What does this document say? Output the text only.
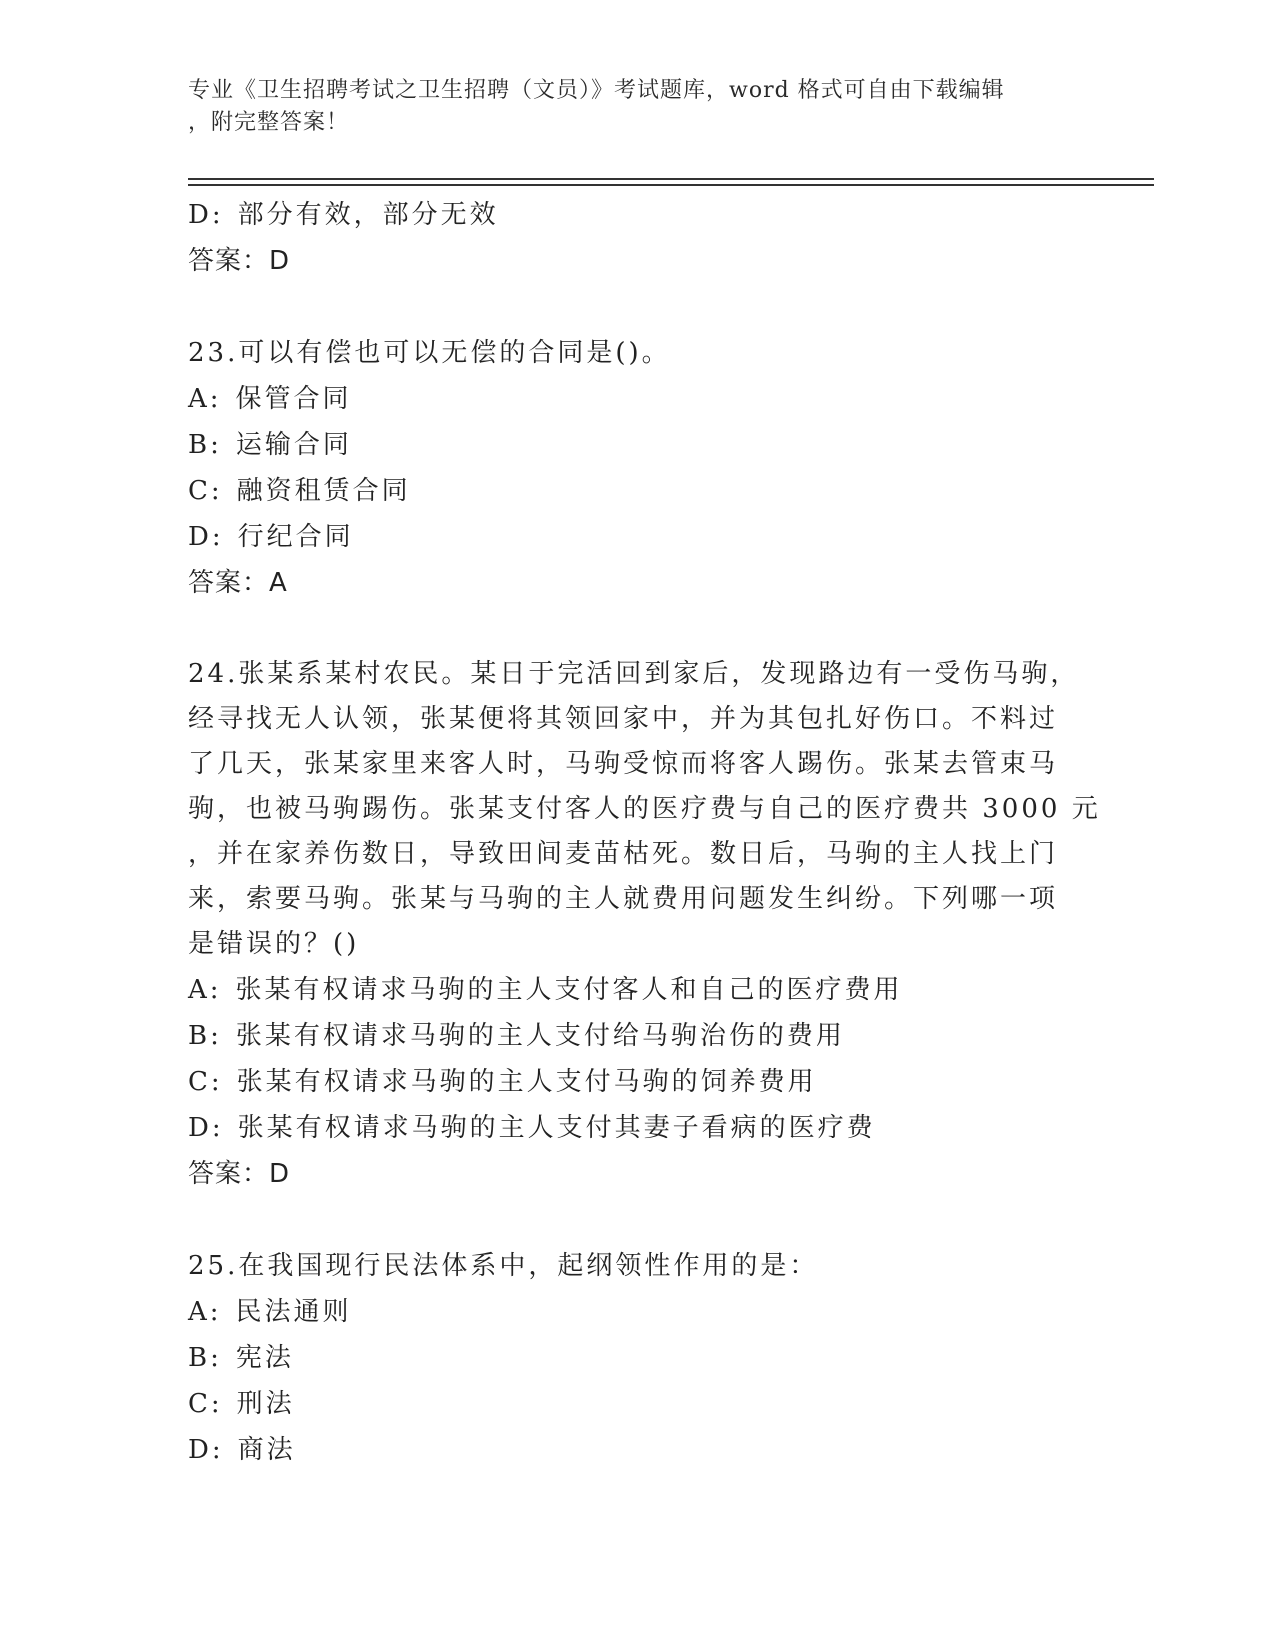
专业《卫生招聘考试之卫生招聘（文员）》考试题库，word 格式可自由下载编辑
，附完整答案！
D: 部分有效，部分无效
答案：D
23.可以有偿也可以无偿的合同是()。
A: 保管合同
B: 运输合同
C: 融资租赁合同
D: 行纪合同
答案：A
24.张某系某村农民。某日于完活回到家后，发现路边有一受伤马驹，
经寻找无人认领，张某便将其领回家中，并为其包扎好伤口。不料过
了几天，张某家里来客人时，马驹受惊而将客人踢伤。张某去管束马
驹，也被马驹踢伤。张某支付客人的医疗费与自己的医疗费共 3000 元
，并在家养伤数日，导致田间麦苗枯死。数日后，马驹的主人找上门
来，索要马驹。张某与马驹的主人就费用问题发生纠纷。下列哪一项
是错误的？()
A: 张某有权请求马驹的主人支付客人和自己的医疗费用
B: 张某有权请求马驹的主人支付给马驹治伤的费用
C: 张某有权请求马驹的主人支付马驹的饲养费用
D: 张某有权请求马驹的主人支付其妻子看病的医疗费
答案：D
25.在我国现行民法体系中，起纲领性作用的是：
A: 民法通则
B: 宪法
C: 刑法
D: 商法
